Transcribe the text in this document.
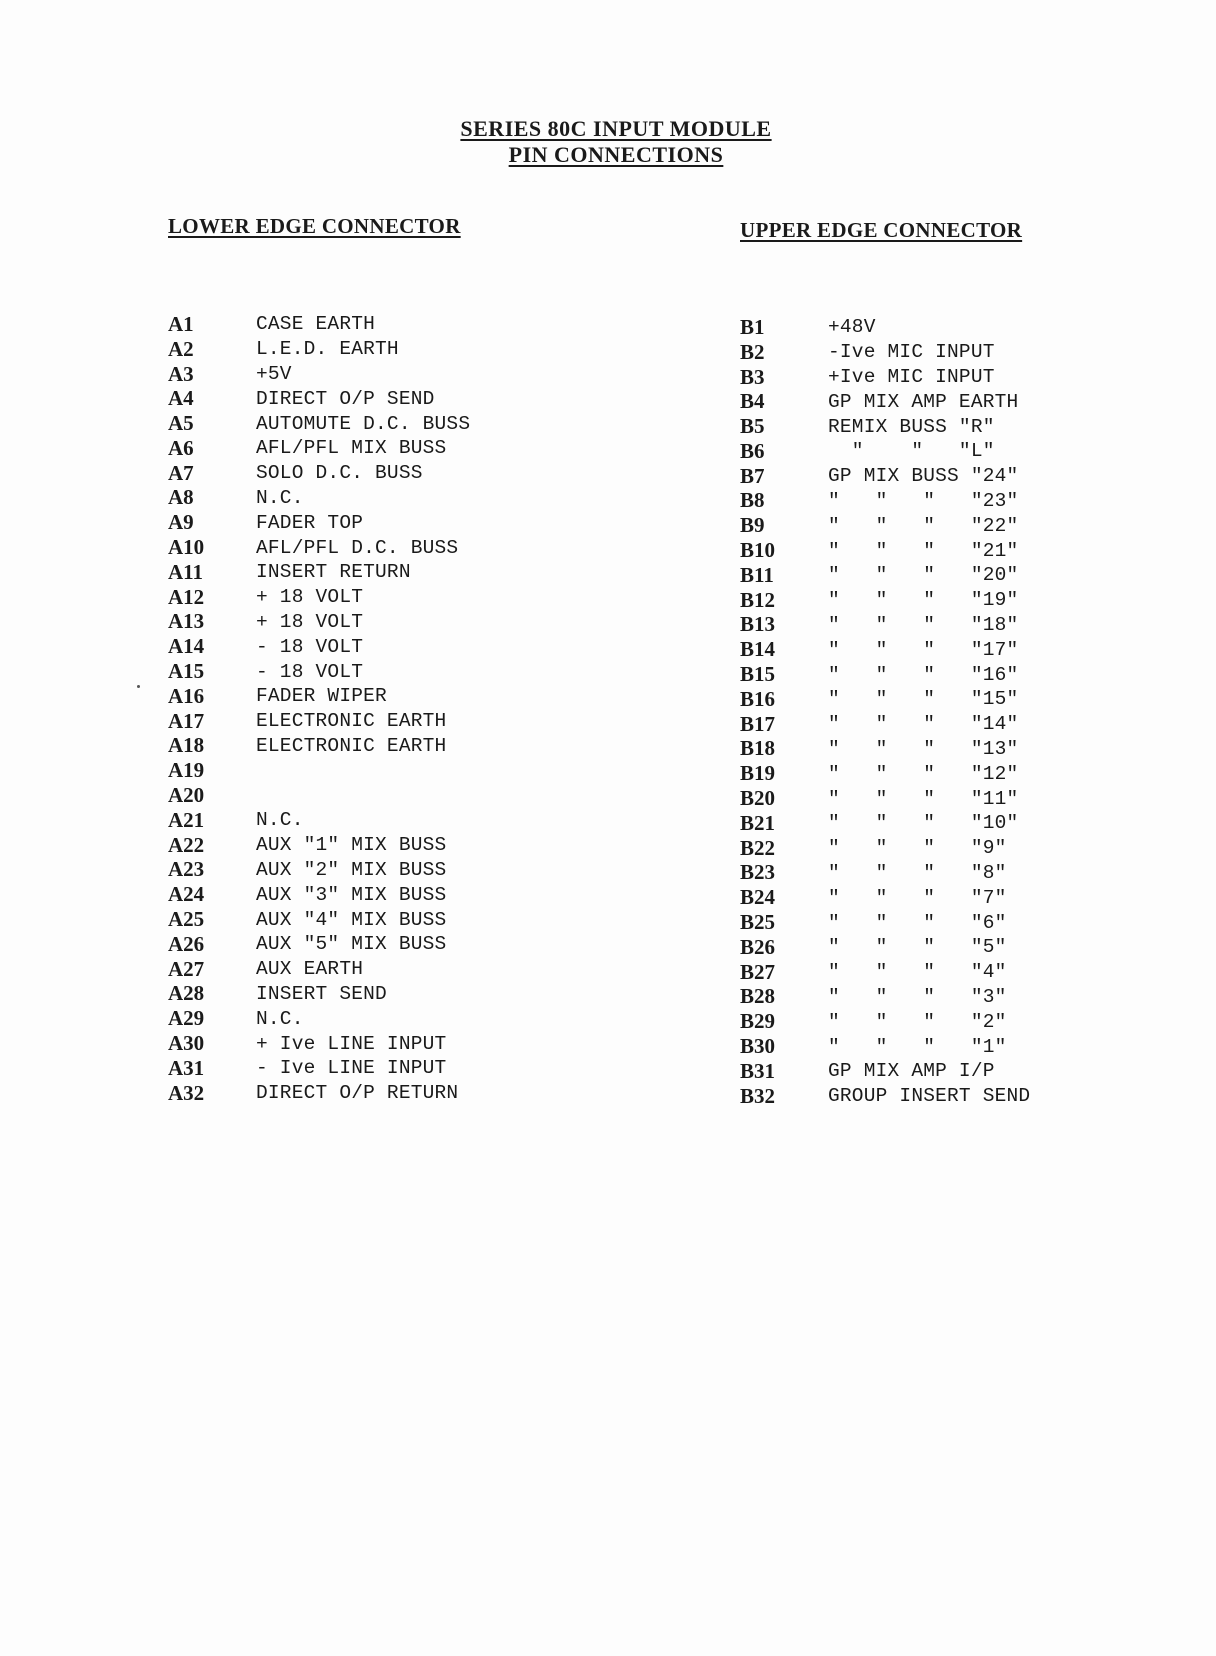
SERIES 80C INPUT MODULE
PIN CONNECTIONS
LOWER EDGE CONNECTOR	UPPER EDGE CONNECTOR
A1	CASE EARTH
A2	L.E.D. EARTH
A3	+5V
A4	DIRECT O/P SEND
A5	AUTOMUTE D.C. BUSS
A6	AFL/PFL MIX BUSS
A7	SOLO D.C. BUSS
A8	N.C.
A9	FADER TOP
A10	AFL/PFL D.C. BUSS
A11	INSERT RETURN
A12	+ 18 VOLT
A13	+ 18 VOLT
A14	- 18 VOLT
A15	- 18 VOLT
A16	FADER WIPER
A17	ELECTRONIC EARTH
A18	ELECTRONIC EARTH
A19
A20
A21	N.C.
A22	AUX "1" MIX BUSS
A23	AUX "2" MIX BUSS
A24	AUX "3" MIX BUSS
A25	AUX "4" MIX BUSS
A26	AUX "5" MIX BUSS
A27	AUX EARTH
A28	INSERT SEND
A29	N.C.
A30	+ Ive LINE INPUT
A31	- Ive LINE INPUT
A32	DIRECT O/P RETURN
B1	+48V
B2	-Ive MIC INPUT
B3	+Ive MIC INPUT
B4	GP MIX AMP EARTH
B5	REMIX BUSS "R"
B6	"    "   "L"
B7	GP MIX BUSS "24"
B8	"   "   "   "23"
B9	"   "   "   "22"
B10	"   "   "   "21"
B11	"   "   "   "20"
B12	"   "   "   "19"
B13	"   "   "   "18"
B14	"   "   "   "17"
B15	"   "   "   "16"
B16	"   "   "   "15"
B17	"   "   "   "14"
B18	"   "   "   "13"
B19	"   "   "   "12"
B20	"   "   "   "11"
B21	"   "   "   "10"
B22	"   "   "   "9"
B23	"   "   "   "8"
B24	"   "   "   "7"
B25	"   "   "   "6"
B26	"   "   "   "5"
B27	"   "   "   "4"
B28	"   "   "   "3"
B29	"   "   "   "2"
B30	"   "   "   "1"
B31	GP MIX AMP I/P
B32	GROUP INSERT SEND
